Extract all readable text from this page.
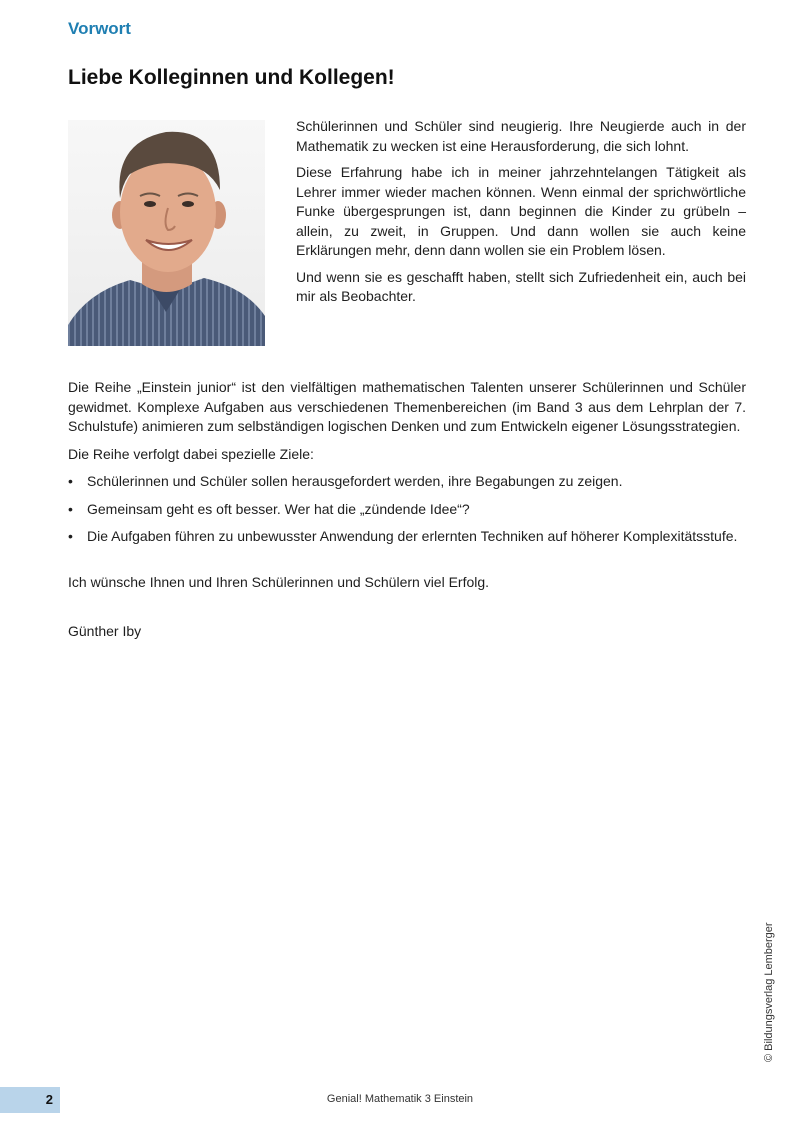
Vorwort
Liebe Kolleginnen und Kollegen!

Schülerinnen und Schüler sind neugierig. Ihre Neugierde auch in der Mathematik zu wecken ist eine Herausforderung, die sich lohnt.

Diese Erfahrung habe ich in meiner jahrzehntelangen Tätigkeit als Lehrer immer wieder machen können. Wenn einmal der sprichwörtliche Funke übergesprungen ist, dann beginnen die Kinder zu grübeln – allein, zu zweit, in Gruppen. Und dann wollen sie auch keine Erklärungen mehr, denn dann wollen sie ein Problem lösen.

Und wenn sie es geschafft haben, stellt sich Zufriedenheit ein, auch bei mir als Beobachter.

Die Reihe „Einstein junior“ ist den vielfältigen mathematischen Talenten unserer Schülerinnen und Schüler gewidmet. Komplexe Aufgaben aus verschiedenen Themenbereichen (im Band 3 aus dem Lehrplan der 7. Schulstufe) animieren zum selbständigen logischen Denken und zum Entwickeln eigener Lösungsstrategien.

Die Reihe verfolgt dabei spezielle Ziele:

• Schülerinnen und Schüler sollen herausgefordert werden, ihre Begabungen zu zeigen.
• Gemeinsam geht es oft besser. Wer hat die „zündende Idee“?
• Die Aufgaben führen zu unbewusster Anwendung der erlernten Techniken auf höherer Komplexitätsstufe.

Ich wünsche Ihnen und Ihren Schülerinnen und Schülern viel Erfolg.

Günther Iby

© Bildungsverlag Lemberger
2	Genial! Mathematik 3 Einstein
